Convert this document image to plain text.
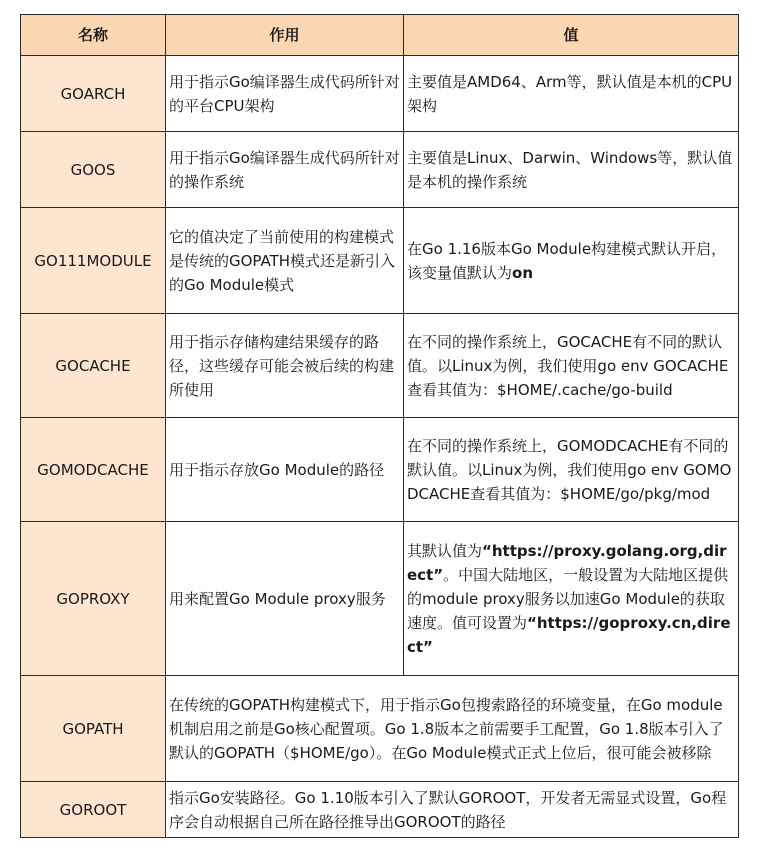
名称	作用	值
GOARCH	用于指示Go编译器生成代码所针对的平台CPU架构	主要值是AMD64、Arm等，默认值是本机的CPU架构
GOOS	用于指示Go编译器生成代码所针对的操作系统	主要值是Linux、Darwin、Windows等，默认值是本机的操作系统
GO111MODULE	它的值决定了当前使用的构建模式是传统的GOPATH模式还是新引入的Go Module模式	在Go 1.16版本Go Module构建模式默认开启，该变量值默认为on
GOCACHE	用于指示存储构建结果缓存的路径，这些缓存可能会被后续的构建所使用	在不同的操作系统上，GOCACHE有不同的默认值。以Linux为例，我们使用go env GOCACHE查看其值为：$HOME/.cache/go-build
GOMODCACHE	用于指示存放Go Module的路径	在不同的操作系统上，GOMODCACHE有不同的默认值。以Linux为例，我们使用go env GOMODCACHE查看其值为：$HOME/go/pkg/mod
GOPROXY	用来配置Go Module proxy服务	其默认值为“https://proxy.golang.org,direct”。中国大陆地区，一般设置为大陆地区提供的module proxy服务以加速Go Module的获取速度。值可设置为“https://goproxy.cn,direct”
GOPATH	在传统的GOPATH构建模式下，用于指示Go包搜索路径的环境变量，在Go module机制启用之前是Go核心配置项。Go 1.8版本之前需要手工配置，Go 1.8版本引入了默认的GOPATH（$HOME/go）。在Go Module模式正式上位后，很可能会被移除	
GOROOT	指示Go安装路径。Go 1.10版本引入了默认GOROOT，开发者无需显式设置，Go程序会自动根据自己所在路径推导出GOROOT的路径	
